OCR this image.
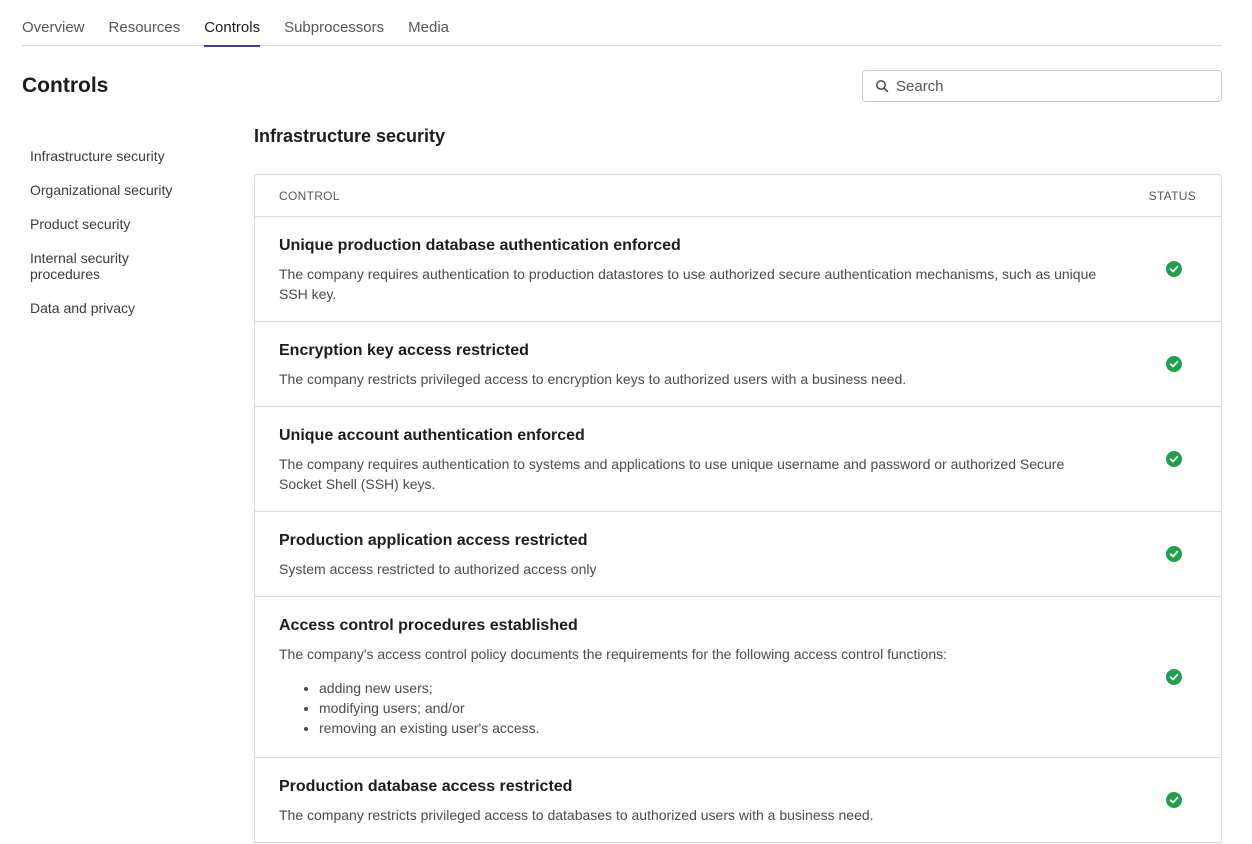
Overview Resources Controls Subprocessors Media
Controls
Search
Infrastructure security
Organizational security
Product security
Internal security procedures
Data and privacy
Infrastructure security
CONTROL	STATUS
Unique production database authentication enforced
The company requires authentication to production datastores to use authorized secure authentication mechanisms, such as unique SSH key.
Encryption key access restricted
The company restricts privileged access to encryption keys to authorized users with a business need.
Unique account authentication enforced
The company requires authentication to systems and applications to use unique username and password or authorized Secure Socket Shell (SSH) keys.
Production application access restricted
System access restricted to authorized access only
Access control procedures established
The company's access control policy documents the requirements for the following access control functions:
• adding new users;
• modifying users; and/or
• removing an existing user's access.
Production database access restricted
The company restricts privileged access to databases to authorized users with a business need.
